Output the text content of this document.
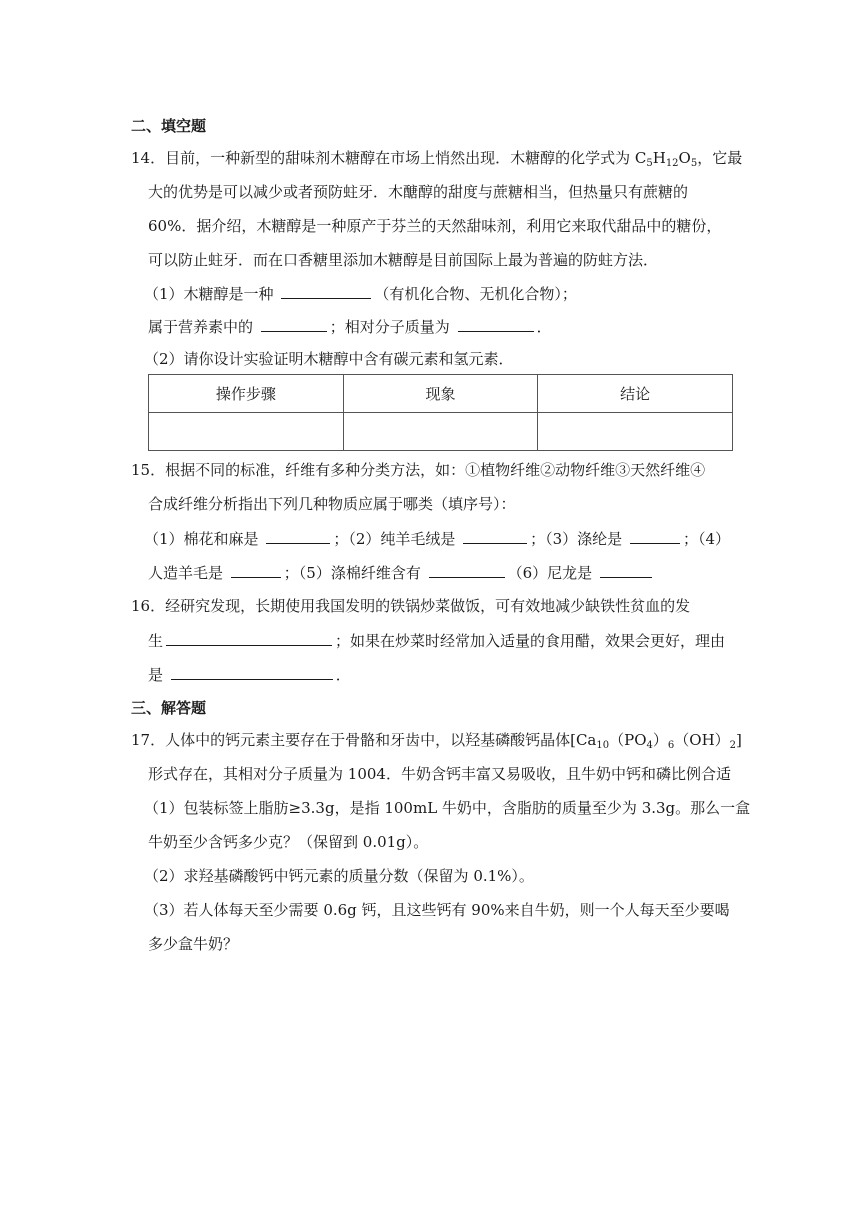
二、填空题
14．目前，一种新型的甜味剂木糖醇在市场上悄然出现．木糖醇的化学式为 $C_5H_{12}O_5$，它最
大的优势是可以减少或者预防蛀牙．木醣醇的甜度与蔗糖相当，但热量只有蔗糖的
60%．据介绍，木糖醇是一种原产于芬兰的天然甜味剂，利用它来取代甜品中的糖份，
可以防止蛀牙．而在口香糖里添加木糖醇是目前国际上最为普遍的防蛀方法．
（1）木糖醇是一种	（有机化合物、无机化合物）；
属于营养素中的	；相对分子质量为	．
（2）请你设计实验证明木糖醇中含有碳元素和氢元素．
操作步骤	现象	结论

15．根据不同的标准，纤维有多种分类方法，如：①植物纤维②动物纤维③天然纤维④
合成纤维分析指出下列几种物质应属于哪类（填序号）：
（1）棉花和麻是	；（2）纯羊毛绒是	；（3）涤纶是	；（4）
人造羊毛是	；（5）涤棉纤维含有	（6）尼龙是
16．经研究发现，长期使用我国发明的铁锅炒菜做饭，可有效地减少缺铁性贫血的发
生	；如果在炒菜时经常加入适量的食用醋，效果会更好，理由
是	．
三、解答题
17．人体中的钙元素主要存在于骨骼和牙齿中，以羟基磷酸钙晶体$[Ca_{10}(PO_4)_6(OH)_2]$
形式存在，其相对分子质量为 1004．牛奶含钙丰富又易吸收，且牛奶中钙和磷比例合适
（1）包装标签上脂肪≥3.3g，是指 100mL 牛奶中，含脂肪的质量至少为 3.3g。那么一盒
牛奶至少含钙多少克？（保留到 0.01g）。
（2）求羟基磷酸钙中钙元素的质量分数（保留为 0.1%）。
（3）若人体每天至少需要 0.6g 钙，且这些钙有 90%来自牛奶，则一个人每天至少要喝
多少盒牛奶？
